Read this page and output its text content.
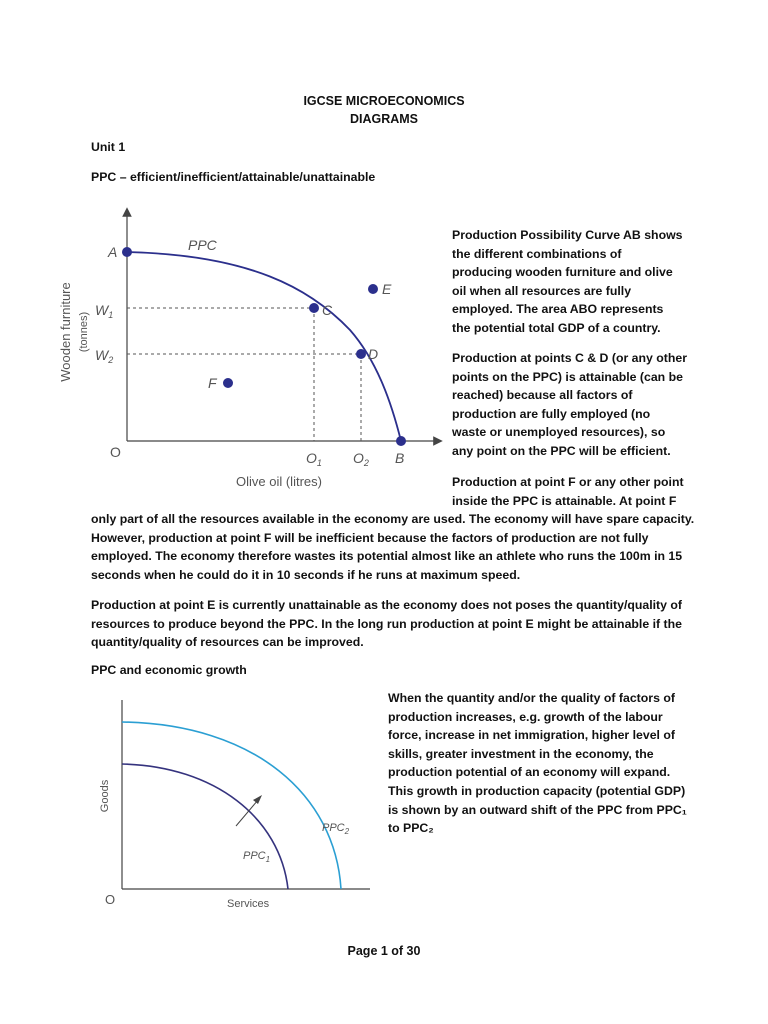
IGCSE MICROECONOMICS
DIAGRAMS
Unit 1
PPC – efficient/inefficient/attainable/unattainable
A	PPC
C
D
E
F
$W_1$
$W_2$
$O_1$ $O_2$ B
O
Olive oil (litres)
Wooden furniture (tonnes)
Production Possibility Curve AB shows
the different combinations of
producing wooden furniture and olive
oil when all resources are fully
employed. The area ABO represents
the potential total GDP of a country.
Production at points C & D (or any other
points on the PPC) is attainable (can be
reached) because all factors of
production are fully employed (no
waste or unemployed resources), so
any point on the PPC will be efficient.
Production at point F or any other point
inside the PPC is attainable. At point F
only part of all the resources available in the economy are used. The economy will have spare capacity.
However, production at point F will be inefficient because the factors of production are not fully
employed. The economy therefore wastes its potential almost like an athlete who runs the 100m in 15
seconds when he could do it in 10 seconds if he runs at maximum speed.
Production at point E is currently unattainable as the economy does not poses the quantity/quality of
resources to produce beyond the PPC. In the long run production at point E might be attainable if the
quantity/quality of resources can be improved.
PPC and economic growth
$PPC_1$
$PPC_2$
O	Services
Goods
When the quantity and/or the quality of factors of
production increases, e.g. growth of the labour
force, increase in net immigration, higher level of
skills, greater investment in the economy, the
production potential of an economy will expand.
This growth in production capacity (potential GDP)
is shown by an outward shift of the PPC from PPC₁
to PPC₂
Page 1 of 30
